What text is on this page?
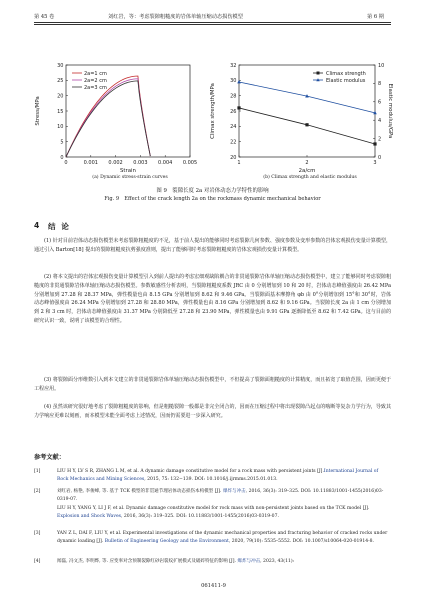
第 45 卷	刘红岩，等：考虑裂隙粗糙度的岩体单轴压缩动态损伤模型	第 6 期
0	0.001 0.002 0.003 0.004 0.005
0
5
10
15
20
25
30
Strain
Stress/MPa
2a=1 cm
2a=2 cm
2a=3 cm
(a) Dynamic stress-strain curves
1	2	3
20
22
24
26
28
30
32
0
2
4
6
8
10
2a/cm
Climax strength/MPa	Elastic modulus/GPa
Climax strength
Elastic modulus
(b) Climax strength and elastic modulus
图 9　裂隙长度 2a 对岩体动态力学特性的影响
Fig. 9　Effect of the crack length 2a on the rockmass dynamic mechanical behavior
4 结 论
(1) 针对目前岩体动态损伤模型未考虑裂隙粗糙度的不足，基于前人提出的能够同时考虑裂隙几何参数、强度参数及变形参数的岩体宏观损伤变量计算模型，通过引入 Barton[18] 提出的裂隙粗糙度抗剪强度准则，提出了能够同时考虑裂隙粗糙度的岩体宏观损伤变量计算模型。
(2) 将本文提出的岩体宏观损伤变量计算模型引入到前人提出的考虑宏细观缺陷耦合的非贯通裂隙岩体单轴压缩动态损伤模型中，建立了能够同时考虑裂隙粗糙度的非贯通裂隙岩体单轴压缩动态损伤模型。参数敏感性分析表明，当裂隙粗糙度系数 JRC 由 0 分别增加到 10 和 20 时，岩体动态峰值强度由 26.42 MPa 分别增加到 27.28 和 28.37 MPa，弹性模量也由 8.15 GPa 分别增加到 8.62 和 9.46 GPa。当裂隙面基本摩擦角 φb 由 0°分别增加到 15°和 30°时，岩体动态峰值强度由 26.24 MPa 分别增加到 27.28 和 28.80 MPa，弹性模量也由 8.16 GPa 分别增加到 8.62 和 9.16 GPa。当裂隙长度 2a 由 1 cm 分别增加到 2 和 3 cm 时，岩体动态峰值强度由 31.37 MPa 分别降低至 27.28 和 23.90 MPa，弹性模量也由 9.91 GPa 逐渐降低至 8.62 和 7.42 GPa。这与目前的研究认识一致，说明了该模型的合理性。
(3) 将裂隙面分形维数引入到本文建立的非贯通裂隙岩体单轴压缩动态损伤模型中，不但提高了裂隙面粗糙度的计算精度，而且拓宽了取值范围，因而更便于工程应用。
(4) 虽然该研究很好地考虑了裂隙粗糙度的影响，但是粗糙裂隙一般都是非完全闭合的，因而在压缩过程中将出现裂隙凸起点的啮断等复杂力学行为，导致其力学响应更难以刻画，而本模型未能全面考虑上述情况，因而仍需要进一步深入研究。
参考文献：
[1]	LIU H Y, LV S R, ZHANG L M, et al. A dynamic damage constitutive model for a rock mass with persistent joints [J].International Journal of Rock Mechanics and Mining Sciences, 2015, 75: 132−139. DOI: 10.1016/j.ijrmms.2015.01.013.
[2]	刘红岩, 杨艳, 李俊峰, 等. 基于 TCK 模型的非贯通节理岩体动态损伤本构模型 [J]. 爆炸与冲击, 2016, 36(3): 319–325. DOI: 10.11883/1001-1455(2016)03-0319-07.
LIU H Y, YANG Y, LI J F, et al. Dynamic damage constitutive model for rock mass with non-persistent joints based on the TCK model [J]. Explosion and Shock Waves, 2016, 36(3): 319–325. DOI: 10.11883/1001-1455(2016)03-0319-07.
[3]	YAN Z L, DAI F, LIU Y, et al. Experimental investigations of the dynamic mechanical properties and fracturing behavior of cracked rocks under dynamic loading [J]. Bulletin of Engineering Geology and the Environment, 2020, 79(10): 5535–5552. DOI: 10.1007/s10064-020-01914-8.
[4]	闻磊, 冯文杰, 李明烨, 等. 应变率对含预制裂隙红砂岩裂纹扩展模式及破碎特征的影响 [J]. 爆炸与冲击, 2023, 43(11):
061411-9
